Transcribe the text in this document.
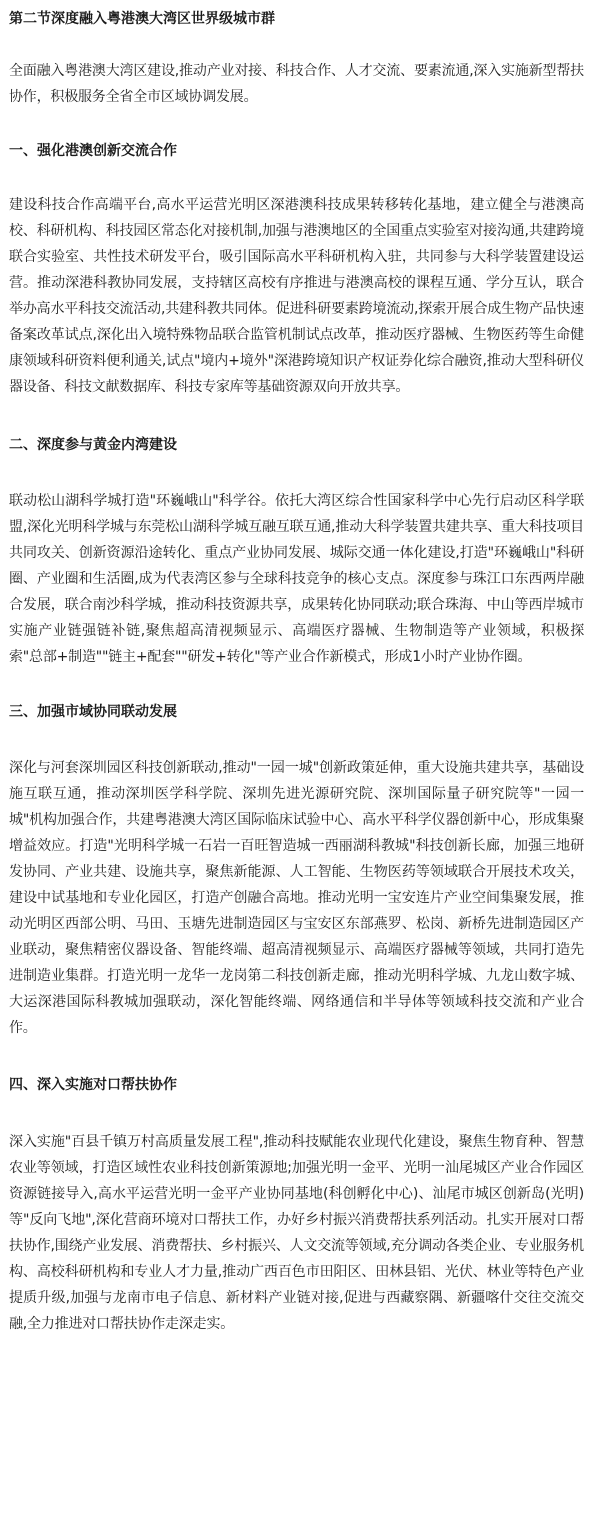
第二节深度融入粤港澳大湾区世界级城市群

全面融入粤港澳大湾区建设,推动产业对接、科技合作、人才交流、要素流通,深入实施新型帮扶协作，积极服务全省全市区域协调发展。

一、强化港澳创新交流合作

建设科技合作高端平台,高水平运营光明区深港澳科技成果转移转化基地，建立健全与港澳高校、科研机构、科技园区常态化对接机制,加强与港澳地区的全国重点实验室对接沟通,共建跨境联合实验室、共性技术研发平台，吸引国际高水平科研机构入驻，共同参与大科学装置建设运营。推动深港科教协同发展，支持辖区高校有序推进与港澳高校的课程互通、学分互认，联合举办高水平科技交流活动,共建科教共同体。促进科研要素跨境流动,探索开展合成生物产品快速备案改革试点,深化出入境特殊物品联合监管机制试点改革，推动医疗器械、生物医药等生命健康领域科研资料便利通关,试点"境内+境外"深港跨境知识产权证券化综合融资,推动大型科研仪器设备、科技文献数据库、科技专家库等基础资源双向开放共享。

二、深度参与黄金内湾建设

联动松山湖科学城打造"环巍峨山"科学谷。依托大湾区综合性国家科学中心先行启动区科学联盟,深化光明科学城与东莞松山湖科学城互融互联互通,推动大科学装置共建共享、重大科技项目共同攻关、创新资源沿途转化、重点产业协同发展、城际交通一体化建设,打造"环巍峨山"科研圈、产业圈和生活圈,成为代表湾区参与全球科技竞争的核心支点。深度参与珠江口东西两岸融合发展，联合南沙科学城，推动科技资源共享，成果转化协同联动;联合珠海、中山等西岸城市实施产业链强链补链,聚焦超高清视频显示、高端医疗器械、生物制造等产业领域，积极探索"总部+制造""链主+配套""研发+转化"等产业合作新模式，形成1小时产业协作圈。

三、加强市域协同联动发展

深化与河套深圳园区科技创新联动,推动"一园一城"创新政策延伸，重大设施共建共享，基础设施互联互通，推动深圳医学科学院、深圳先进光源研究院、深圳国际量子研究院等"一园一城"机构加强合作，共建粤港澳大湾区国际临床试验中心、高水平科学仪器创新中心，形成集聚增益效应。打造"光明科学城一石岩一百旺智造城一西丽湖科教城"科技创新长廊，加强三地研发协同、产业共建、设施共享，聚焦新能源、人工智能、生物医药等领域联合开展技术攻关，建设中试基地和专业化园区，打造产创融合高地。推动光明一宝安连片产业空间集聚发展，推动光明区西部公明、马田、玉塘先进制造园区与宝安区东部燕罗、松岗、新桥先进制造园区产业联动，聚焦精密仪器设备、智能终端、超高清视频显示、高端医疗器械等领域，共同打造先进制造业集群。打造光明一龙华一龙岗第二科技创新走廊，推动光明科学城、九龙山数字城、大运深港国际科教城加强联动，深化智能终端、网络通信和半导体等领域科技交流和产业合作。

四、深入实施对口帮扶协作

深入实施"百县千镇万村高质量发展工程",推动科技赋能农业现代化建设，聚焦生物育种、智慧农业等领域，打造区域性农业科技创新策源地;加强光明一金平、光明一汕尾城区产业合作园区资源链接导入,高水平运营光明一金平产业协同基地(科创孵化中心)、汕尾市城区创新岛(光明)等"反向飞地",深化营商环境对口帮扶工作，办好乡村振兴消费帮扶系列活动。扎实开展对口帮扶协作,围绕产业发展、消费帮扶、乡村振兴、人文交流等领域,充分调动各类企业、专业服务机构、高校科研机构和专业人才力量,推动广西百色市田阳区、田林县铝、光伏、林业等特色产业提质升级,加强与龙南市电子信息、新材料产业链对接,促进与西藏察隅、新疆喀什交往交流交融,全力推进对口帮扶协作走深走实。
